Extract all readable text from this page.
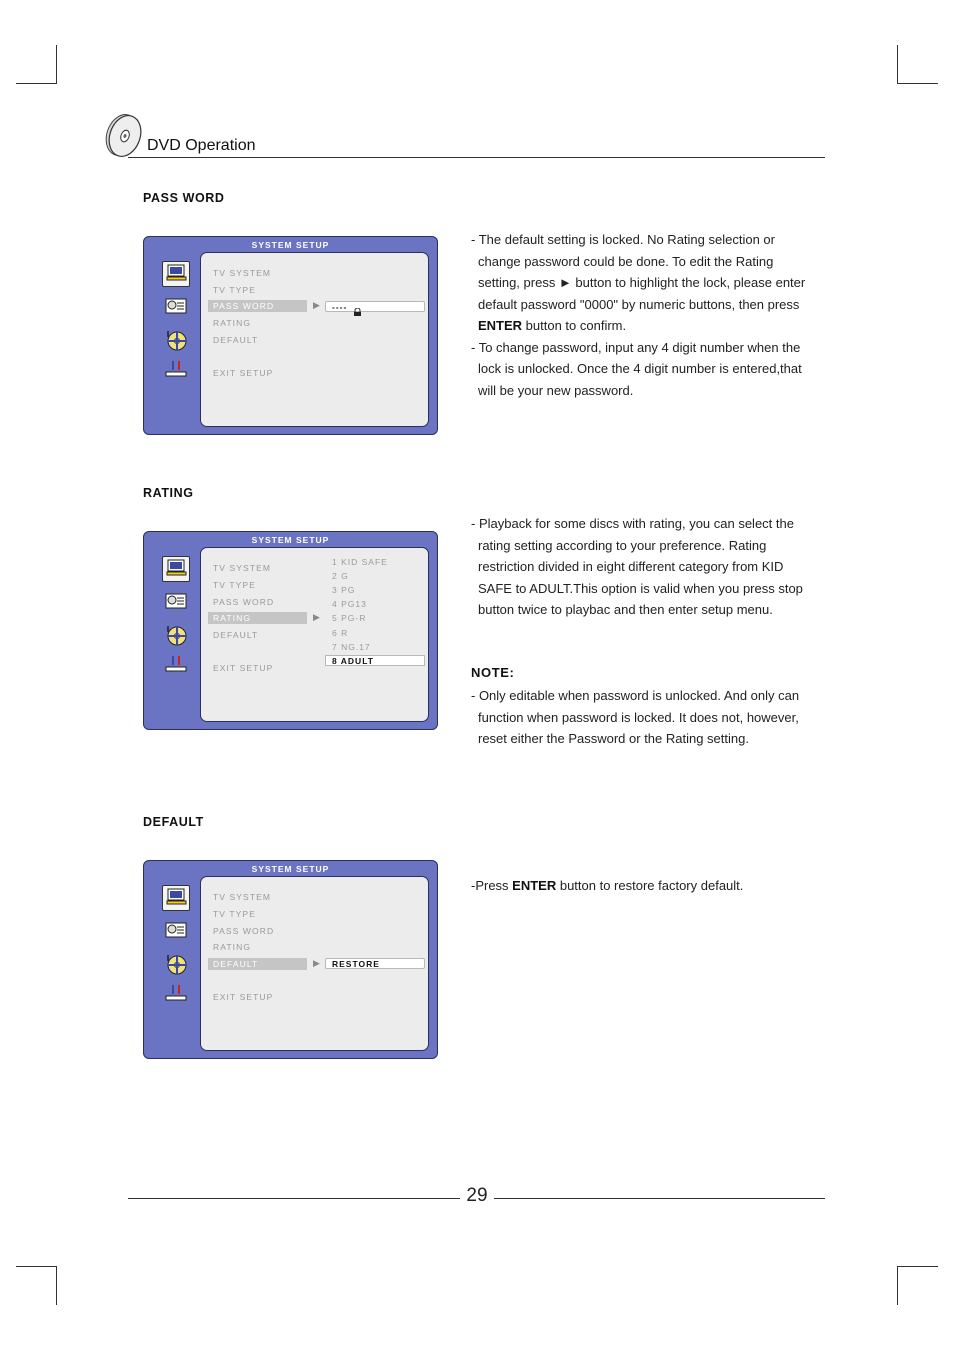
DVD Operation
PASS WORD
SYSTEM SETUP
TV SYSTEM
TV TYPE
PASS WORD	▶ ----
RATING
DEFAULT
EXIT SETUP

- The default setting is locked. No Rating selection or change password could be done. To edit the Rating setting, press ► button to highlight the lock, please enter default password "0000" by numeric buttons, then press ENTER button to confirm.

- To change password, input any 4 digit number when the lock is unlocked. Once the 4 digit number is entered,that will be your new password.

RATING
SYSTEM SETUP
TV SYSTEM
TV TYPE
PASS WORD
RATING	▶
DEFAULT
EXIT SETUP
1 KID SAFE
2 G
3 PG
4 PG13
5 PG-R
6 R
7 NG.17
8 ADULT

- Playback for some discs with rating, you can select the rating setting according to your preference. Rating restriction divided in eight different category from KID SAFE to ADULT.This option is valid when you press stop button twice to playbac and then enter setup menu.

NOTE:

- Only editable when password is unlocked. And only can function when password is locked. It does not, however, reset either the Password or the Rating setting.

DEFAULT
SYSTEM SETUP
TV SYSTEM
TV TYPE
PASS WORD
RATING
DEFAULT	▶ RESTORE
EXIT SETUP

-Press ENTER button to restore factory default.

29
